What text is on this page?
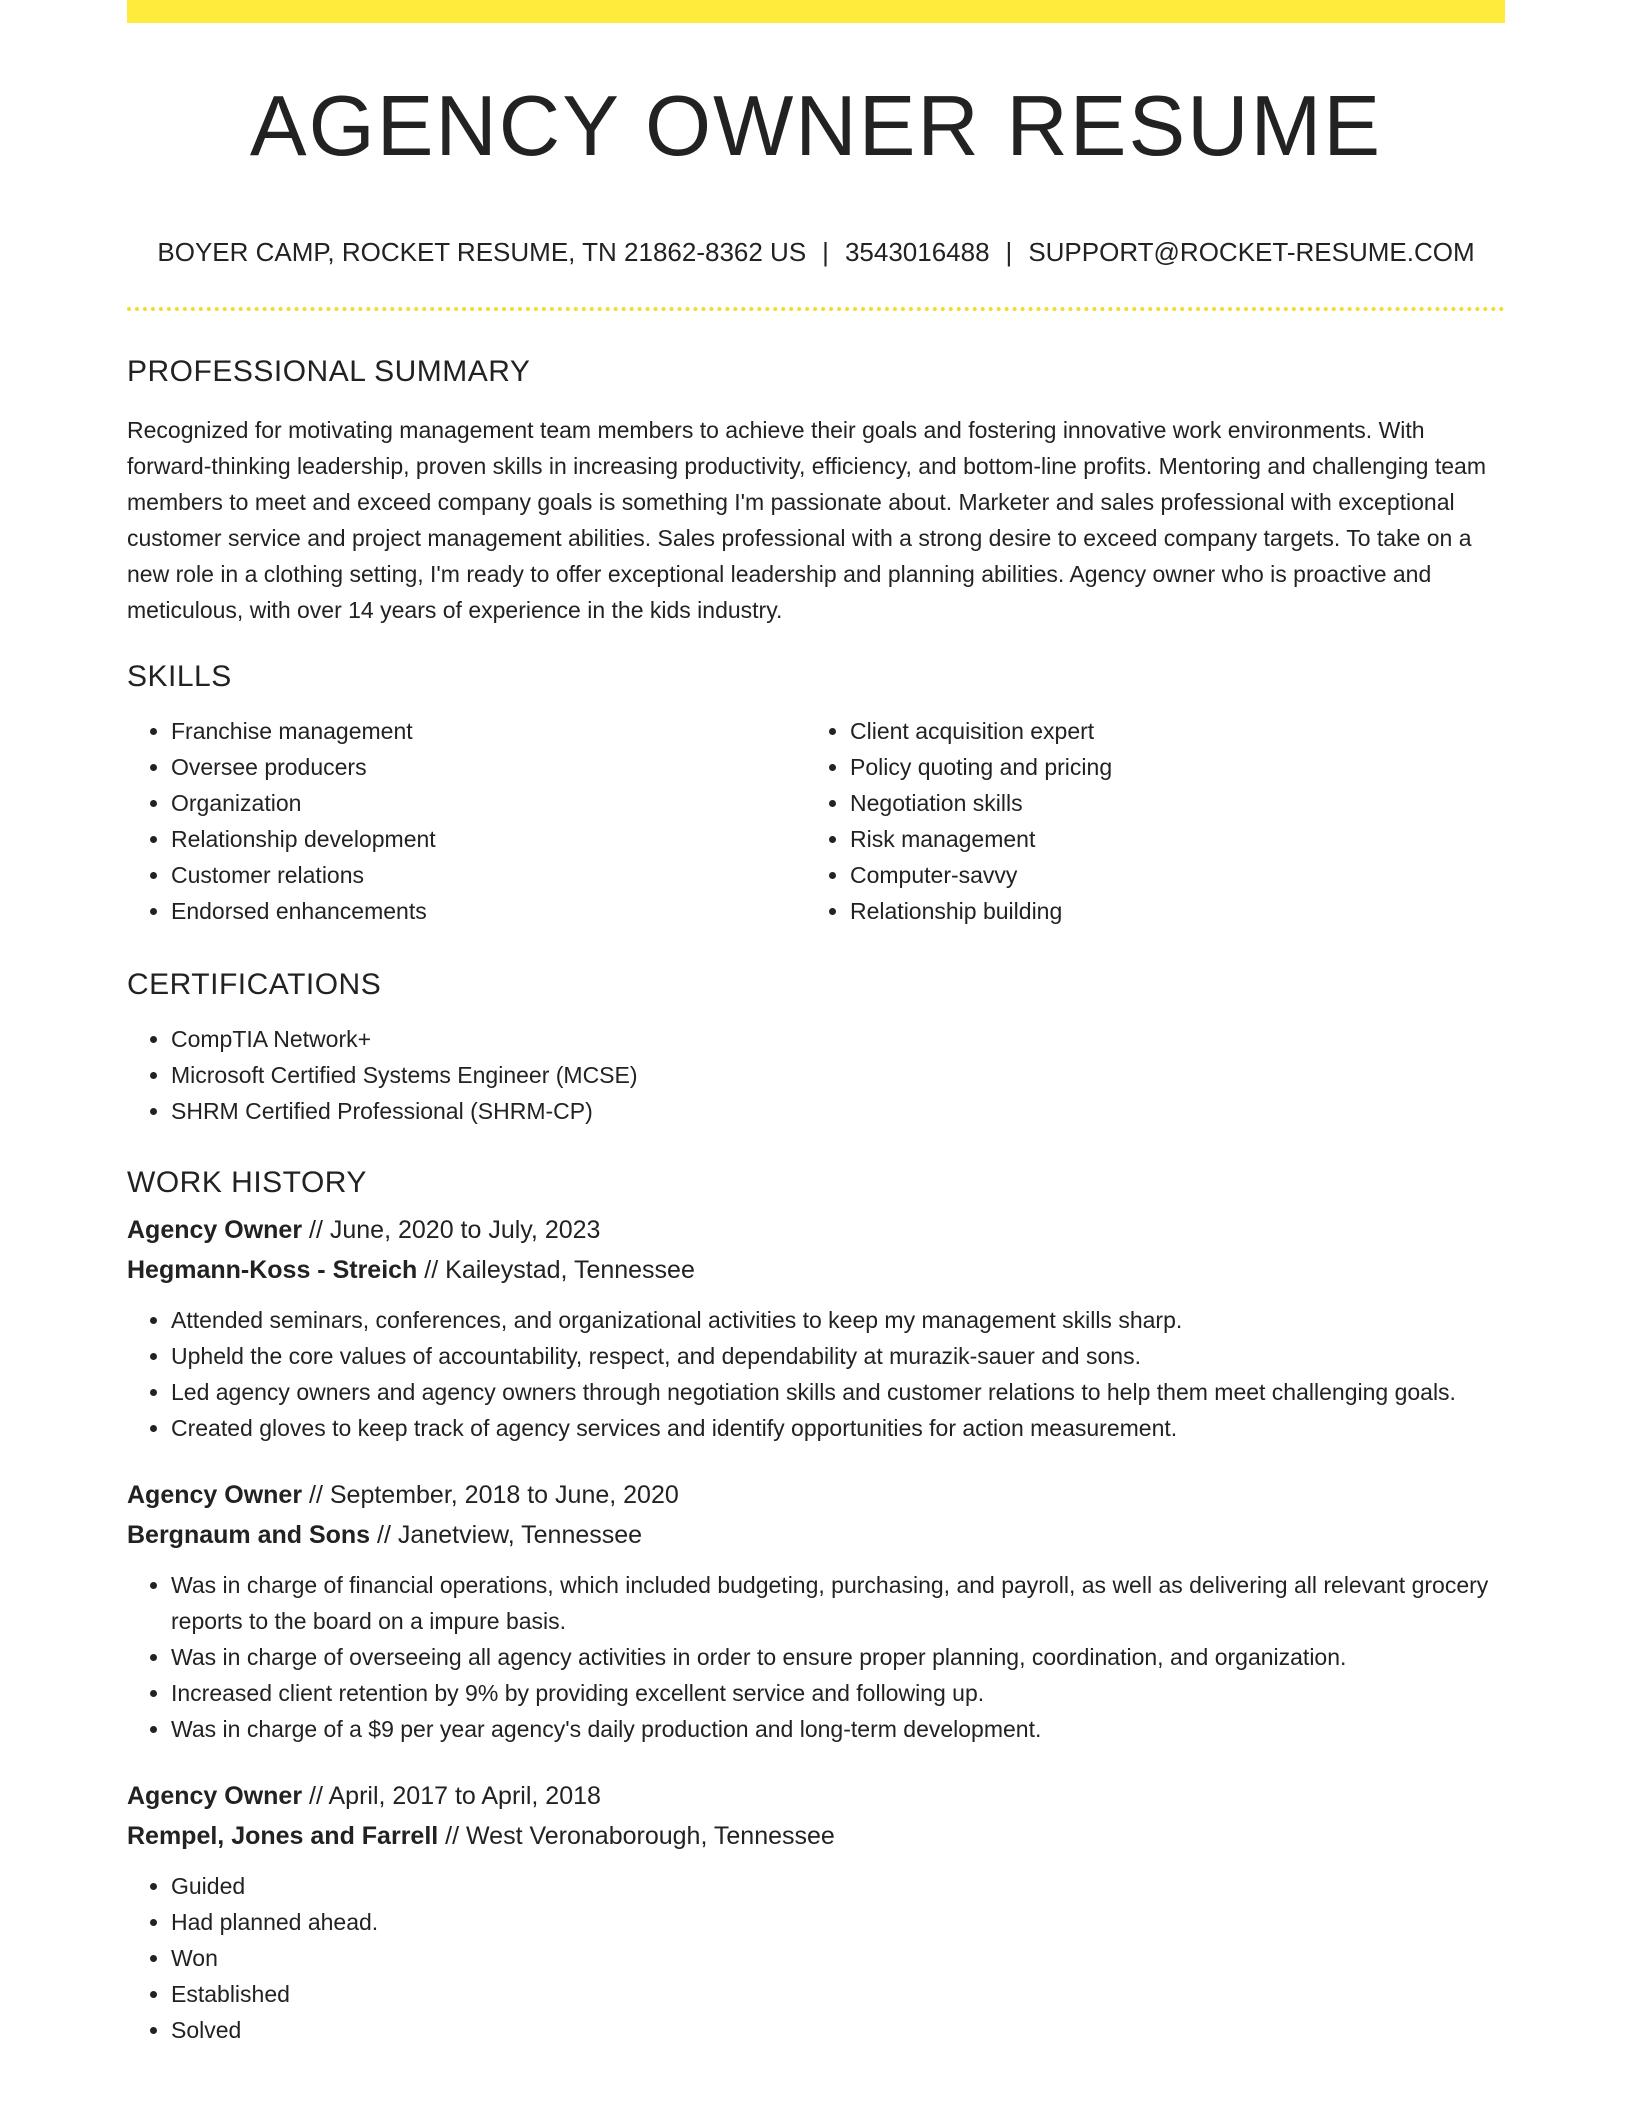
AGENCY OWNER RESUME
BOYER CAMP, ROCKET RESUME, TN 21862-8362 US | 3543016488 | SUPPORT@ROCKET-RESUME.COM
PROFESSIONAL SUMMARY

Recognized for motivating management team members to achieve their goals and fostering innovative work environments. With forward-thinking leadership, proven skills in increasing productivity, efficiency, and bottom-line profits. Mentoring and challenging team members to meet and exceed company goals is something I'm passionate about. Marketer and sales professional with exceptional customer service and project management abilities. Sales professional with a strong desire to exceed company targets. To take on a new role in a clothing setting, I'm ready to offer exceptional leadership and planning abilities. Agency owner who is proactive and meticulous, with over 14 years of experience in the kids industry.

SKILLS
• Franchise management
• Oversee producers
• Organization
• Relationship development
• Customer relations
• Endorsed enhancements
• Client acquisition expert
• Policy quoting and pricing
• Negotiation skills
• Risk management
• Computer-savvy
• Relationship building
CERTIFICATIONS
• CompTIA Network+
• Microsoft Certified Systems Engineer (MCSE)
• SHRM Certified Professional (SHRM-CP)
WORK HISTORY
Agency Owner // June, 2020 to July, 2023
Hegmann-Koss - Streich // Kaileystad, Tennessee
• Attended seminars, conferences, and organizational activities to keep my management skills sharp.
• Upheld the core values of accountability, respect, and dependability at murazik-sauer and sons.
• Led agency owners and agency owners through negotiation skills and customer relations to help them meet challenging goals.
• Created gloves to keep track of agency services and identify opportunities for action measurement.
Agency Owner // September, 2018 to June, 2020
Bergnaum and Sons // Janetview, Tennessee
• Was in charge of financial operations, which included budgeting, purchasing, and payroll, as well as delivering all relevant grocery reports to the board on a impure basis.
• Was in charge of overseeing all agency activities in order to ensure proper planning, coordination, and organization.
• Increased client retention by 9% by providing excellent service and following up.
• Was in charge of a $9 per year agency's daily production and long-term development.
Agency Owner // April, 2017 to April, 2018
Rempel, Jones and Farrell // West Veronaborough, Tennessee
• Guided
• Had planned ahead.
• Won
• Established
• Solved
